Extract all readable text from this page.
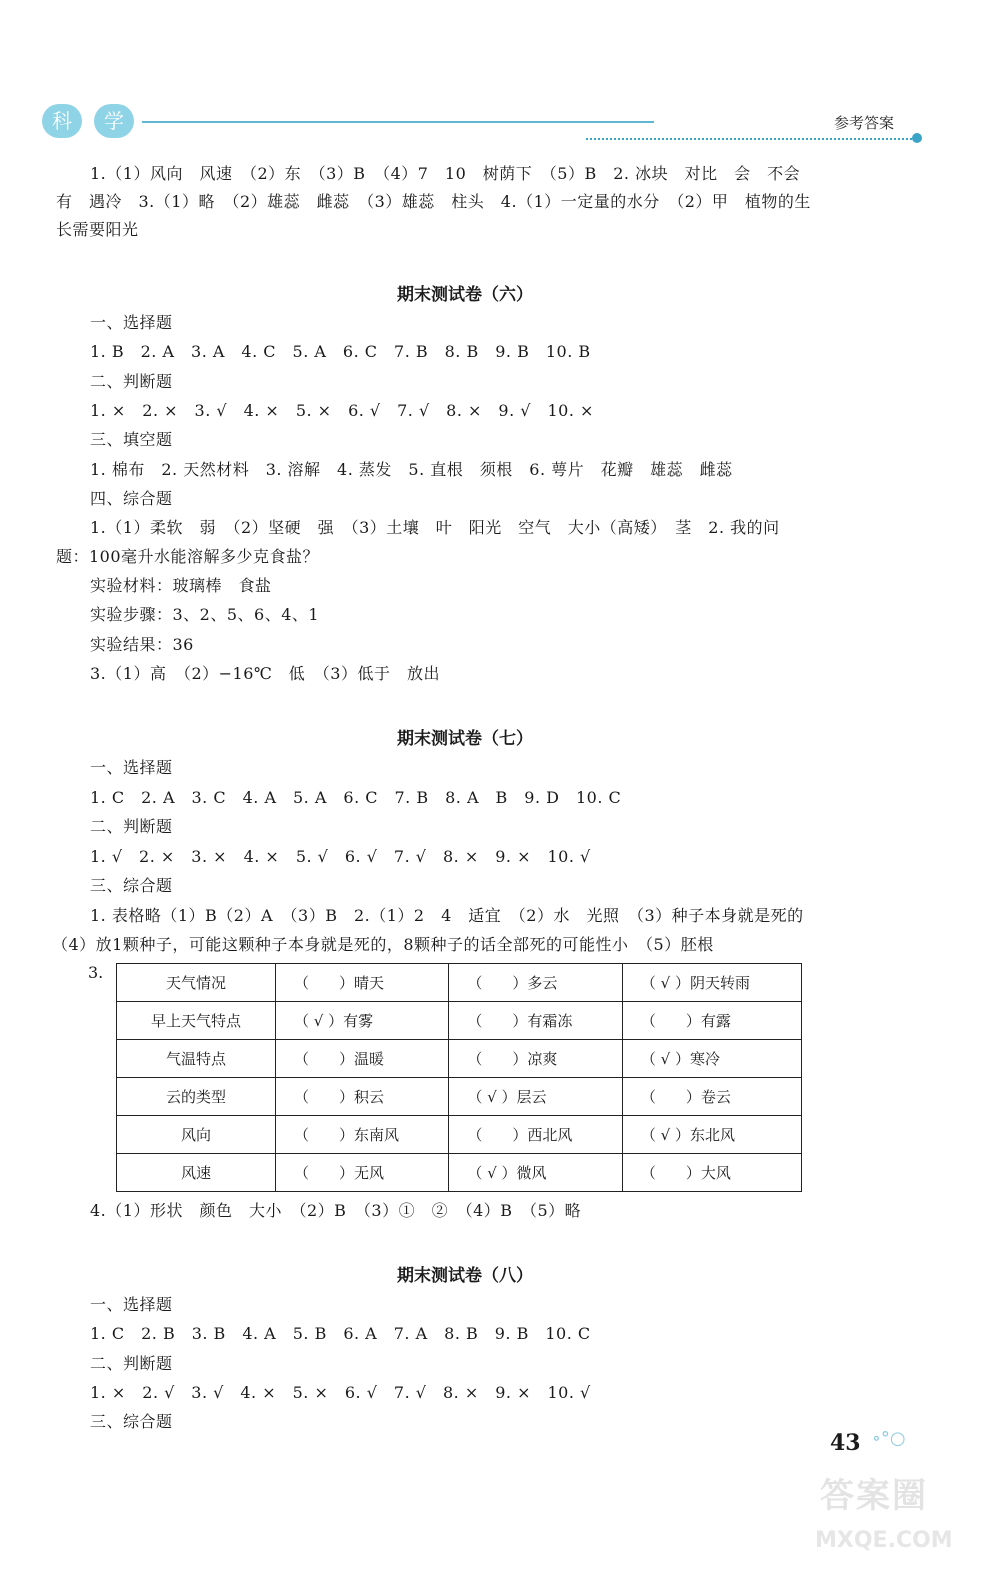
科	学	参考答案
1.（1）风向　风速　（2）东　（3）B　（4）7　10　树荫下　（5）B　2. 冰块　对比　会　不会
有　遇冷　3.（1）略　（2）雄蕊　雌蕊　（3）雄蕊　柱头　4.（1）一定量的水分　（2）甲　植物的生
长需要阳光
期末测试卷（六）
一、选择题
1. B　2. A　3. A　4. C　5. A　6. C　7. B　8. B　9. B　10. B
二、判断题
1. ×　2. ×　3. √　4. ×　5. ×　6. √　7. √　8. ×　9. √　10. ×
三、填空题
1. 棉布　2. 天然材料　3. 溶解　4. 蒸发　5. 直根　须根　6. 萼片　花瓣　雄蕊　雌蕊
四、综合题
1.（1）柔软　弱　（2）坚硬　强　（3）土壤　叶　阳光　空气　大小（高矮）　茎　2. 我的问
题：100毫升水能溶解多少克食盐？
实验材料：玻璃棒　食盐
实验步骤：3、2、5、6、4、1
实验结果：36
3.（1）高　（2）−16℃　低　（3）低于　放出
期末测试卷（七）
一、选择题
1. C　2. A　3. C　4. A　5. A　6. C　7. B　8. A　B　9. D　10. C
二、判断题
1. √　2. ×　3. ×　4. ×　5. √　6. √　7. √　8. ×　9. ×　10. √
三、综合题
1. 表格略（1）B（2）A　（3）B　2.（1）2　4　适宜　（2）水　光照　（3）种子本身就是死的
（4）放1颗种子，可能这颗种子本身就是死的，8颗种子的话全部死的可能性小　（5）胚根
3.
天气情况	（　　）晴天	（　　）多云	（ √ ）阴天转雨
早上天气特点	（ √ ）有雾	（　　）有霜冻	（　　）有露
气温特点	（　　）温暖	（　　）凉爽	（ √ ）寒冷
云的类型	（　　）积云	（ √ ）层云	（　　）卷云
风向	（　　）东南风	（　　）西北风	（ √ ）东北风
风速	（　　）无风	（ √ ）微风	（　　）大风
4.（1）形状　颜色　大小　（2）B　（3）①　②　（4）B　（5）略
期末测试卷（八）
一、选择题
1. C　2. B　3. B　4. A　5. B　6. A　7. A　8. B　9. B　10. C
二、判断题
1. ×　2. √　3. √　4. ×　5. ×　6. √　7. √　8. ×　9. ×　10. √
三、综合题
43 ∘°○
答案圈
MXQE.COM
